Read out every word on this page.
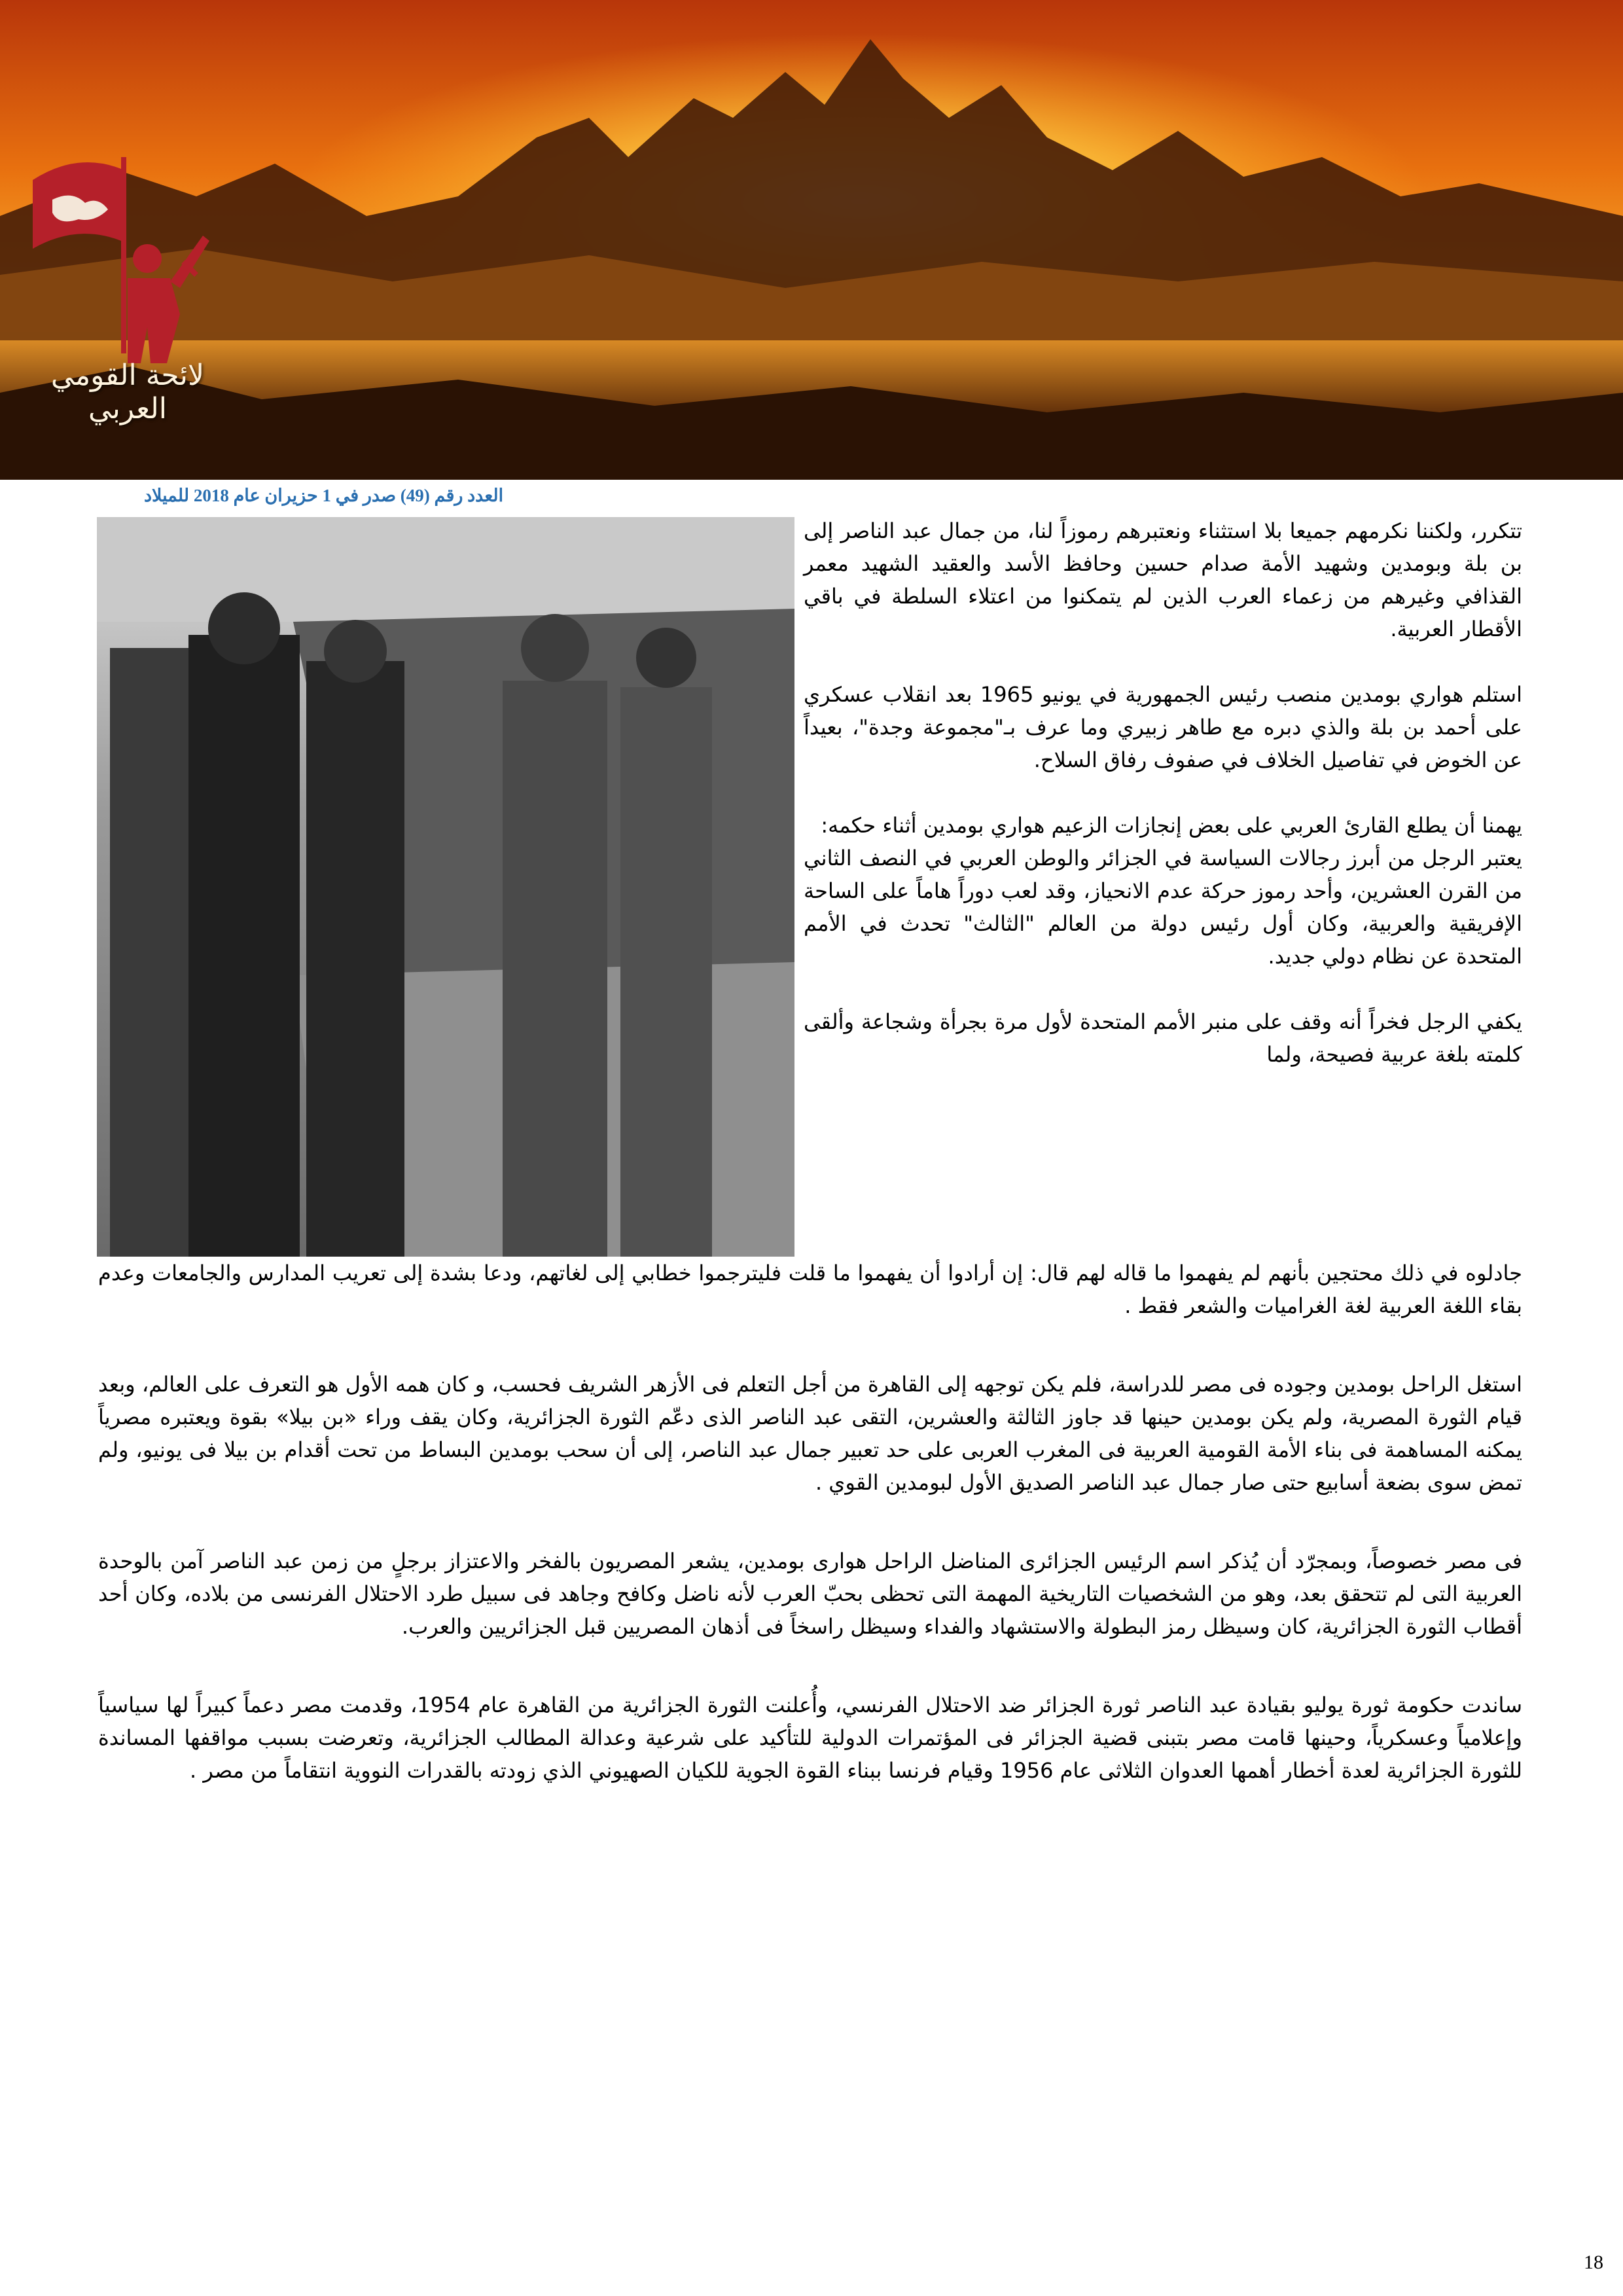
لائحة القومي العربي
العدد رقم (49) صدر في 1 حزيران عام 2018 للميلاد

تتكرر، ولكننا نكرمهم جميعا بلا استثناء ونعتبرهم رموزاً لنا، من جمال عبد الناصر إلى بن بلة وبومدين وشهيد الأمة صدام حسين وحافظ الأسد والعقيد الشهيد معمر القذافي وغيرهم من زعماء العرب الذين لم يتمكنوا من اعتلاء السلطة في باقي الأقطار العربية.

استلم هواري بومدين منصب رئيس الجمهورية في يونيو 1965 بعد انقلاب عسكري على أحمد بن بلة والذي دبره مع طاهر زبيري وما عرف بـ"مجموعة وجدة"، بعيداً عن الخوض في تفاصيل الخلاف في صفوف رفاق السلاح.

يهمنا أن يطلع القارئ العربي على بعض إنجازات الزعيم هواري بومدين أثناء حكمه:

يعتبر الرجل من أبرز رجالات السياسة في الجزائر والوطن العربي في النصف الثاني من القرن العشرين، وأحد رموز حركة عدم الانحياز، وقد لعب دوراً هاماً على الساحة الإفريقية والعربية، وكان أول رئيس دولة من العالم "الثالث" تحدث في الأمم المتحدة عن نظام دولي جديد.

يكفي الرجل فخراً أنه وقف على منبر الأمم المتحدة لأول مرة بجرأة وشجاعة وألقى كلمته بلغة عربية فصيحة، ولما

جادلوه في ذلك محتجين بأنهم لم يفهموا ما قاله لهم قال: إن أرادوا أن يفهموا ما قلت فليترجموا خطابي إلى لغاتهم، ودعا بشدة إلى تعريب المدارس والجامعات وعدم بقاء اللغة العربية لغة الغراميات والشعر فقط .

استغل الراحل بومدين وجوده فى مصر للدراسة، فلم يكن توجهه إلى القاهرة من أجل التعلم فى الأزهر الشريف فحسب، و كان همه الأول هو التعرف على العالم، وبعد قيام الثورة المصرية، ولم يكن بومدين حينها قد جاوز الثالثة والعشرين، التقى عبد الناصر الذى دعّم الثورة الجزائرية، وكان يقف وراء «بن بيلا» بقوة ويعتبره مصرياً يمكنه المساهمة فى بناء الأمة القومية العربية فى المغرب العربى على حد تعبير جمال عبد الناصر، إلى أن سحب بومدين البساط من تحت أقدام بن بيلا فى يونيو، ولم تمض سوى بضعة أسابيع حتى صار جمال عبد الناصر الصديق الأول لبومدين القوي .

فى مصر خصوصاً، وبمجرّد أن يُذكر اسم الرئيس الجزائرى المناضل الراحل هوارى بومدين، يشعر المصريون بالفخر والاعتزاز برجلٍ من زمن عبد الناصر آمن بالوحدة العربية التى لم تتحقق بعد، وهو من الشخصيات التاريخية المهمة التى تحظى بحبّ العرب لأنه ناضل وكافح وجاهد فى سبيل طرد الاحتلال الفرنسى من بلاده، وكان أحد أقطاب الثورة الجزائرية، كان وسيظل رمز البطولة والاستشهاد والفداء وسيظل راسخاً فى أذهان المصريين قبل الجزائريين والعرب.

ساندت حكومة ثورة يوليو بقيادة عبد الناصر ثورة الجزائر ضد الاحتلال الفرنسي، وأُعلنت الثورة الجزائرية من القاهرة عام 1954، وقدمت مصر دعماً كبيراً لها سياسياً وإعلامياً وعسكرياً، وحينها قامت مصر بتبنى قضية الجزائر فى المؤتمرات الدولية للتأكيد على شرعية وعدالة المطالب الجزائرية، وتعرضت بسبب مواقفها المساندة للثورة الجزائرية لعدة أخطار أهمها العدوان الثلاثى عام 1956 وقيام فرنسا ببناء القوة الجوية للكيان الصهيوني الذي زودته بالقدرات النووية انتقاماً من مصر .

18
